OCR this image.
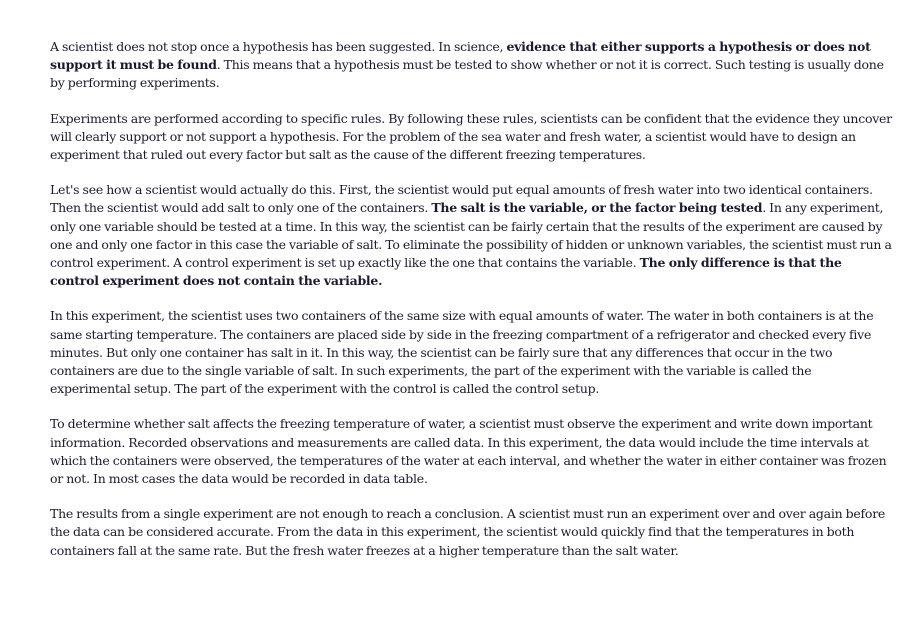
A scientist does not stop once a hypothesis has been suggested. In science, evidence that either supports a hypothesis or does not support it must be found. This means that a hypothesis must be tested to show whether or not it is correct. Such testing is usually done by performing experiments.

Experiments are performed according to specific rules. By following these rules, scientists can be confident that the evidence they uncover will clearly support or not support a hypothesis. For the problem of the sea water and fresh water, a scientist would have to design an experiment that ruled out every factor but salt as the cause of the different freezing temperatures.

Let's see how a scientist would actually do this. First, the scientist would put equal amounts of fresh water into two identical containers. Then the scientist would add salt to only one of the containers. The salt is the variable, or the factor being tested. In any experiment, only one variable should be tested at a time. In this way, the scientist can be fairly certain that the results of the experiment are caused by one and only one factor in this case the variable of salt. To eliminate the possibility of hidden or unknown variables, the scientist must run a control experiment. A control experiment is set up exactly like the one that contains the variable. The only difference is that the control experiment does not contain the variable.

In this experiment, the scientist uses two containers of the same size with equal amounts of water. The water in both containers is at the same starting temperature. The containers are placed side by side in the freezing compartment of a refrigerator and checked every five minutes. But only one container has salt in it. In this way, the scientist can be fairly sure that any differences that occur in the two containers are due to the single variable of salt. In such experiments, the part of the experiment with the variable is called the experimental setup. The part of the experiment with the control is called the control setup.

To determine whether salt affects the freezing temperature of water, a scientist must observe the experiment and write down important information. Recorded observations and measurements are called data. In this experiment, the data would include the time intervals at which the containers were observed, the temperatures of the water at each interval, and whether the water in either container was frozen or not. In most cases the data would be recorded in data table.

The results from a single experiment are not enough to reach a conclusion. A scientist must run an experiment over and over again before the data can be considered accurate. From the data in this experiment, the scientist would quickly find that the temperatures in both containers fall at the same rate. But the fresh water freezes at a higher temperature than the salt water.
